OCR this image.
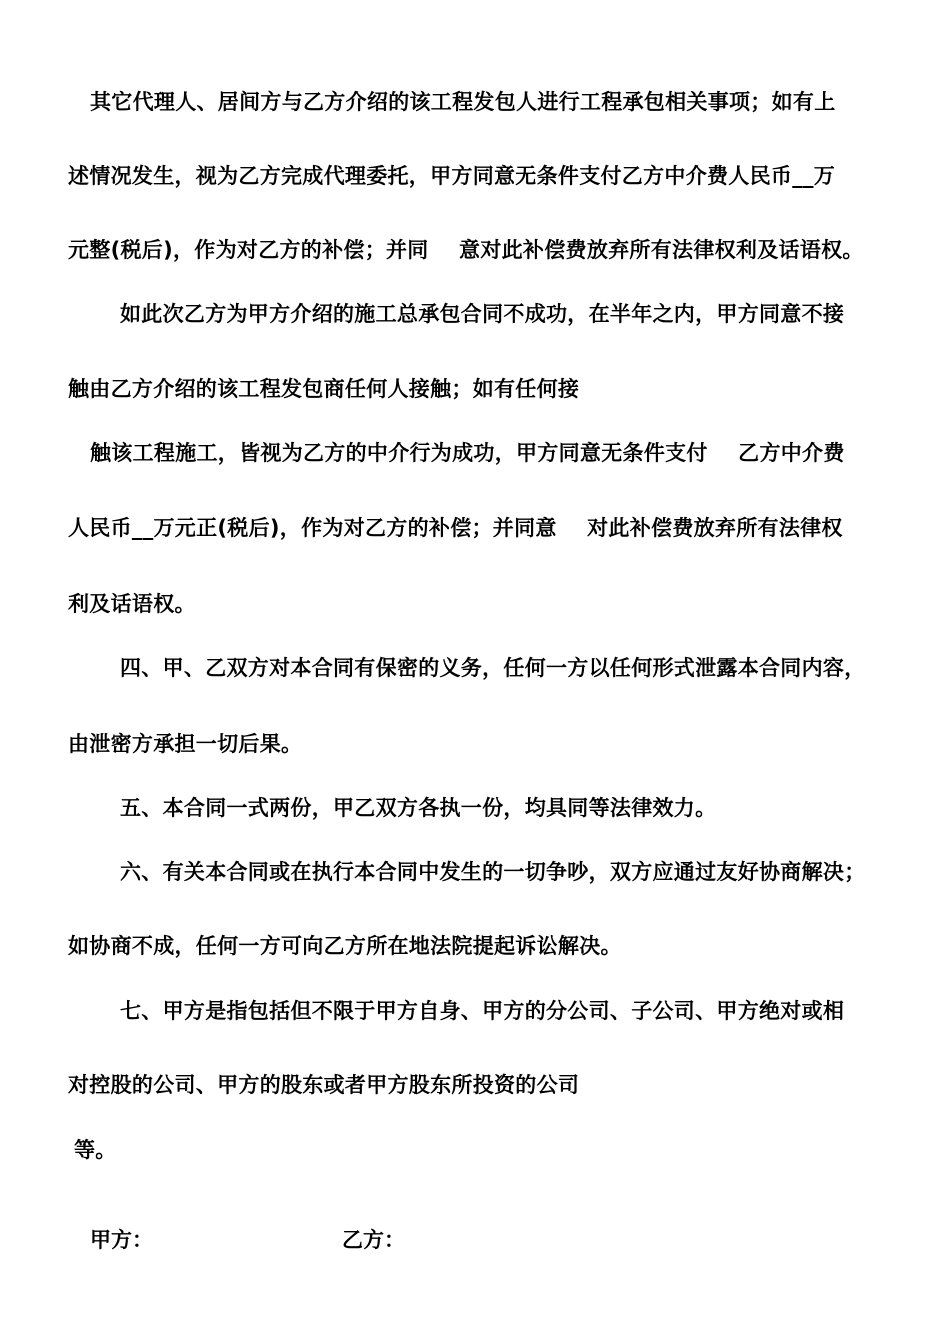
其它代理人、居间方与乙方介绍的该工程发包人进行工程承包相关事项；如有上
述情况发生，视为乙方完成代理委托，甲方同意无条件支付乙方中介费人民币__万
元整(税后)，作为对乙方的补偿；并同    意对此补偿费放弃所有法律权利及话语权。
如此次乙方为甲方介绍的施工总承包合同不成功，在半年之内，甲方同意不接
触由乙方介绍的该工程发包商任何人接触；如有任何接
触该工程施工，皆视为乙方的中介行为成功，甲方同意无条件支付    乙方中介费
人民币__万元正(税后)，作为对乙方的补偿；并同意    对此补偿费放弃所有法律权
利及话语权。
四、甲、乙双方对本合同有保密的义务，任何一方以任何形式泄露本合同内容，
由泄密方承担一切后果。
五、本合同一式两份，甲乙双方各执一份，均具同等法律效力。
六、有关本合同或在执行本合同中发生的一切争吵，双方应通过友好协商解决；
如协商不成，任何一方可向乙方所在地法院提起诉讼解决。
七、甲方是指包括但不限于甲方自身、甲方的分公司、子公司、甲方绝对或相
对控股的公司、甲方的股东或者甲方股东所投资的公司
等。
甲方：	乙方：
